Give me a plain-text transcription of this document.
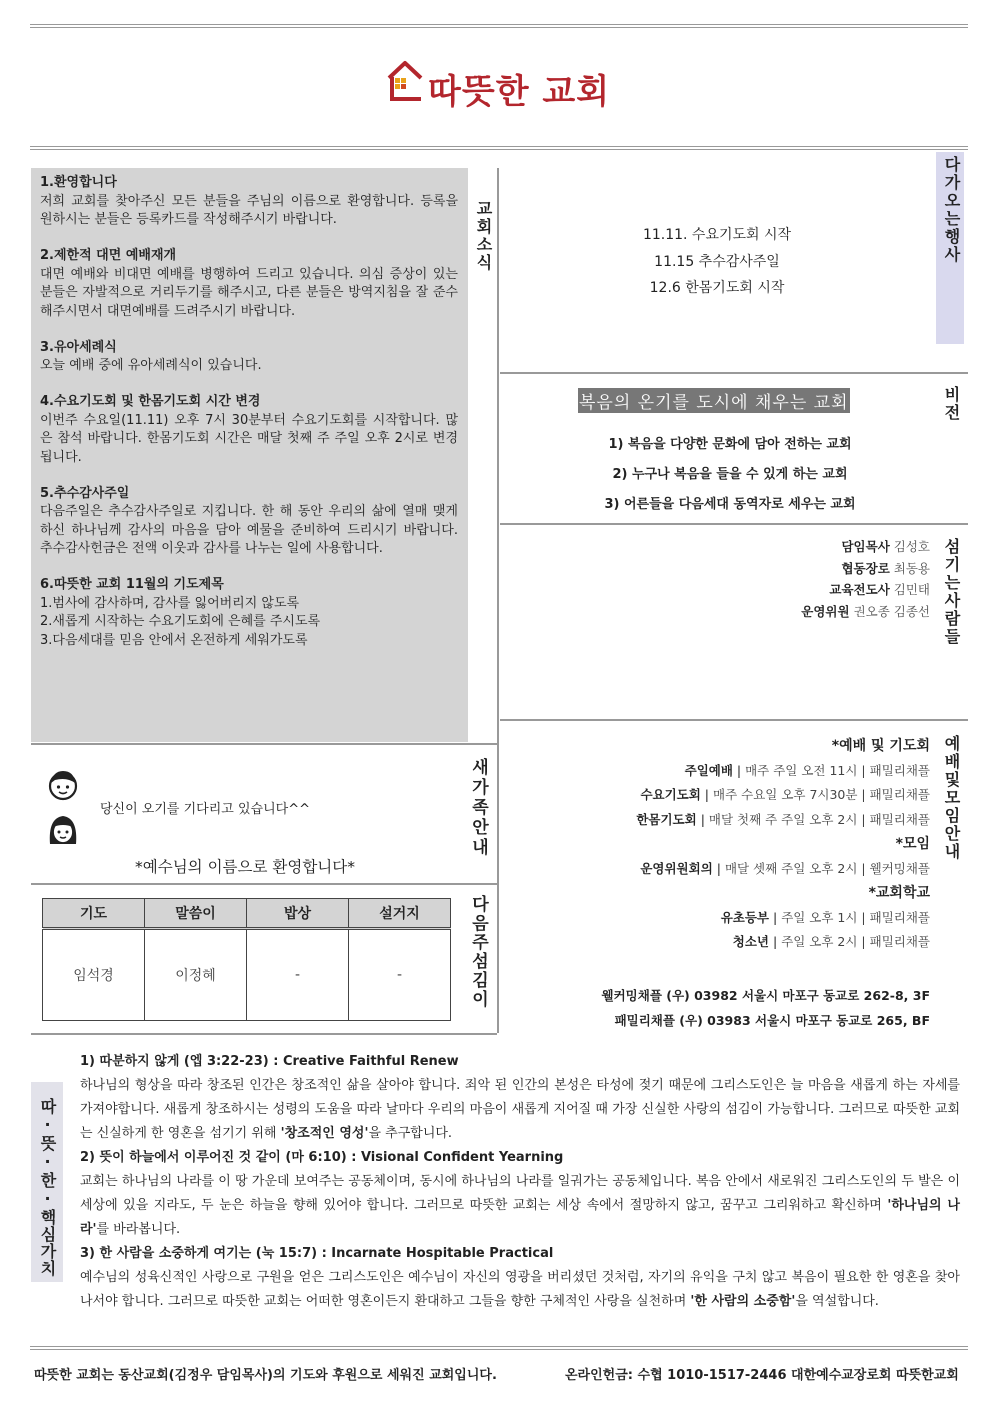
따뜻한 교회
1.환영합니다
저희 교회를 찾아주신 모든 분들을 주님의 이름으로 환영합니다. 등록을 원하시는 분들은 등록카드를 작성해주시기 바랍니다.
2.제한적 대면 예배재개
대면 예배와 비대면 예배를 병행하여 드리고 있습니다. 의심 증상이 있는 분들은 자발적으로 거리두기를 해주시고, 다른 분들은 방역지침을 잘 준수해주시면서 대면예배를 드려주시기 바랍니다.
3.유아세례식
오늘 예배 중에 유아세례식이 있습니다.
4.수요기도회 및 한몸기도회 시간 변경
이번주 수요일(11.11) 오후 7시 30분부터 수요기도회를 시작합니다. 많은 참석 바랍니다. 한몸기도회 시간은 매달 첫째 주 주일 오후 2시로 변경됩니다.
5.추수감사주일
다음주일은 추수감사주일로 지킵니다. 한 해 동안 우리의 삶에 열매 맺게 하신 하나님께 감사의 마음을 담아 예물을 준비하여 드리시기 바랍니다. 추수감사헌금은 전액 이웃과 감사를 나누는 일에 사용합니다.
6.따뜻한 교회 11월의 기도제목
1.범사에 감사하며, 감사를 잃어버리지 않도록
2.새롭게 시작하는 수요기도회에 은혜를 주시도록
3.다음세대를 믿음 안에서 온전하게 세워가도록
교회소식	다가오는행사
11.11. 수요기도회 시작
11.15 추수감사주일
12.6 한몸기도회 시작
복음의 온기를 도시에 채우는 교회
1) 복음을 다양한 문화에 담아 전하는 교회
2) 누구나 복음을 들을 수 있게 하는 교회
3) 어른들을 다음세대 동역자로 세우는 교회
비전
담임목사 김성호
협동장로 최동용
교육전도사 김민태
운영위원 권오종 김종선 섬기는사람들
*예배 및 기도회
주일예배 | 매주 주일 오전 11시 | 패밀리채플
수요기도회 | 매주 수요일 오후 7시30분 | 패밀리채플
한몸기도회 | 매달 첫째 주 주일 오후 2시 | 패밀리채플
*모임
운영위원회의 | 매달 셋째 주일 오후 2시 | 웰커밍채플
*교회학교
유초등부 | 주일 오후 1시 | 패밀리채플
청소년 | 주일 오후 2시 | 패밀리채플
웰커밍채플 (우) 03982 서울시 마포구 동교로 262-8, 3F
패밀리채플 (우) 03983 서울시 마포구 동교로 265, BF
예배및모임안내
당신이 오기를 기다리고 있습니다^^
*예수님의 이름으로 환영합니다*
새가족안내
기도	말씀이	밥상	설거지
임석경	이정혜	-	-	다음주섬김이
따·뜻·한·핵심가치
1) 따분하지 않게 (엡 3:22-23) : Creative Faithful Renew
하나님의 형상을 따라 창조된 인간은 창조적인 삶을 살아야 합니다. 죄악 된 인간의 본성은 타성에 젖기 때문에 그리스도인은 늘 마음을 새롭게 하는 자세를 가져야합니다. 새롭게 창조하시는 성령의 도움을 따라 날마다 우리의 마음이 새롭게 지어질 때 가장 신실한 사랑의 섬김이 가능합니다. 그러므로 따뜻한 교회는 신실하게 한 영혼을 섬기기 위해 '창조적인 영성'을 추구합니다.
2) 뜻이 하늘에서 이루어진 것 같이 (마 6:10) : Visional Confident Yearning
교회는 하나님의 나라를 이 땅 가운데 보여주는 공동체이며, 동시에 하나님의 나라를 일궈가는 공동체입니다. 복음 안에서 새로워진 그리스도인의 두 발은 이 세상에 있을 지라도, 두 눈은 하늘을 향해 있어야 합니다. 그러므로 따뜻한 교회는 세상 속에서 절망하지 않고, 꿈꾸고 그리워하고 확신하며 '하나님의 나라'를 바라봅니다.
3) 한 사람을 소중하게 여기는 (눅 15:7) : Incarnate Hospitable Practical
예수님의 성육신적인 사랑으로 구원을 얻은 그리스도인은 예수님이 자신의 영광을 버리셨던 것처럼, 자기의 유익을 구치 않고 복음이 필요한 한 영혼을 찾아 나서야 합니다. 그러므로 따뜻한 교회는 어떠한 영혼이든지 환대하고 그들을 향한 구체적인 사랑을 실천하며 '한 사람의 소중함'을 역설합니다.
따뜻한 교회는 동산교회(김정우 담임목사)의 기도와 후원으로 세워진 교회입니다.	온라인헌금: 수협 1010-1517-2446 대한예수교장로회 따뜻한교회
